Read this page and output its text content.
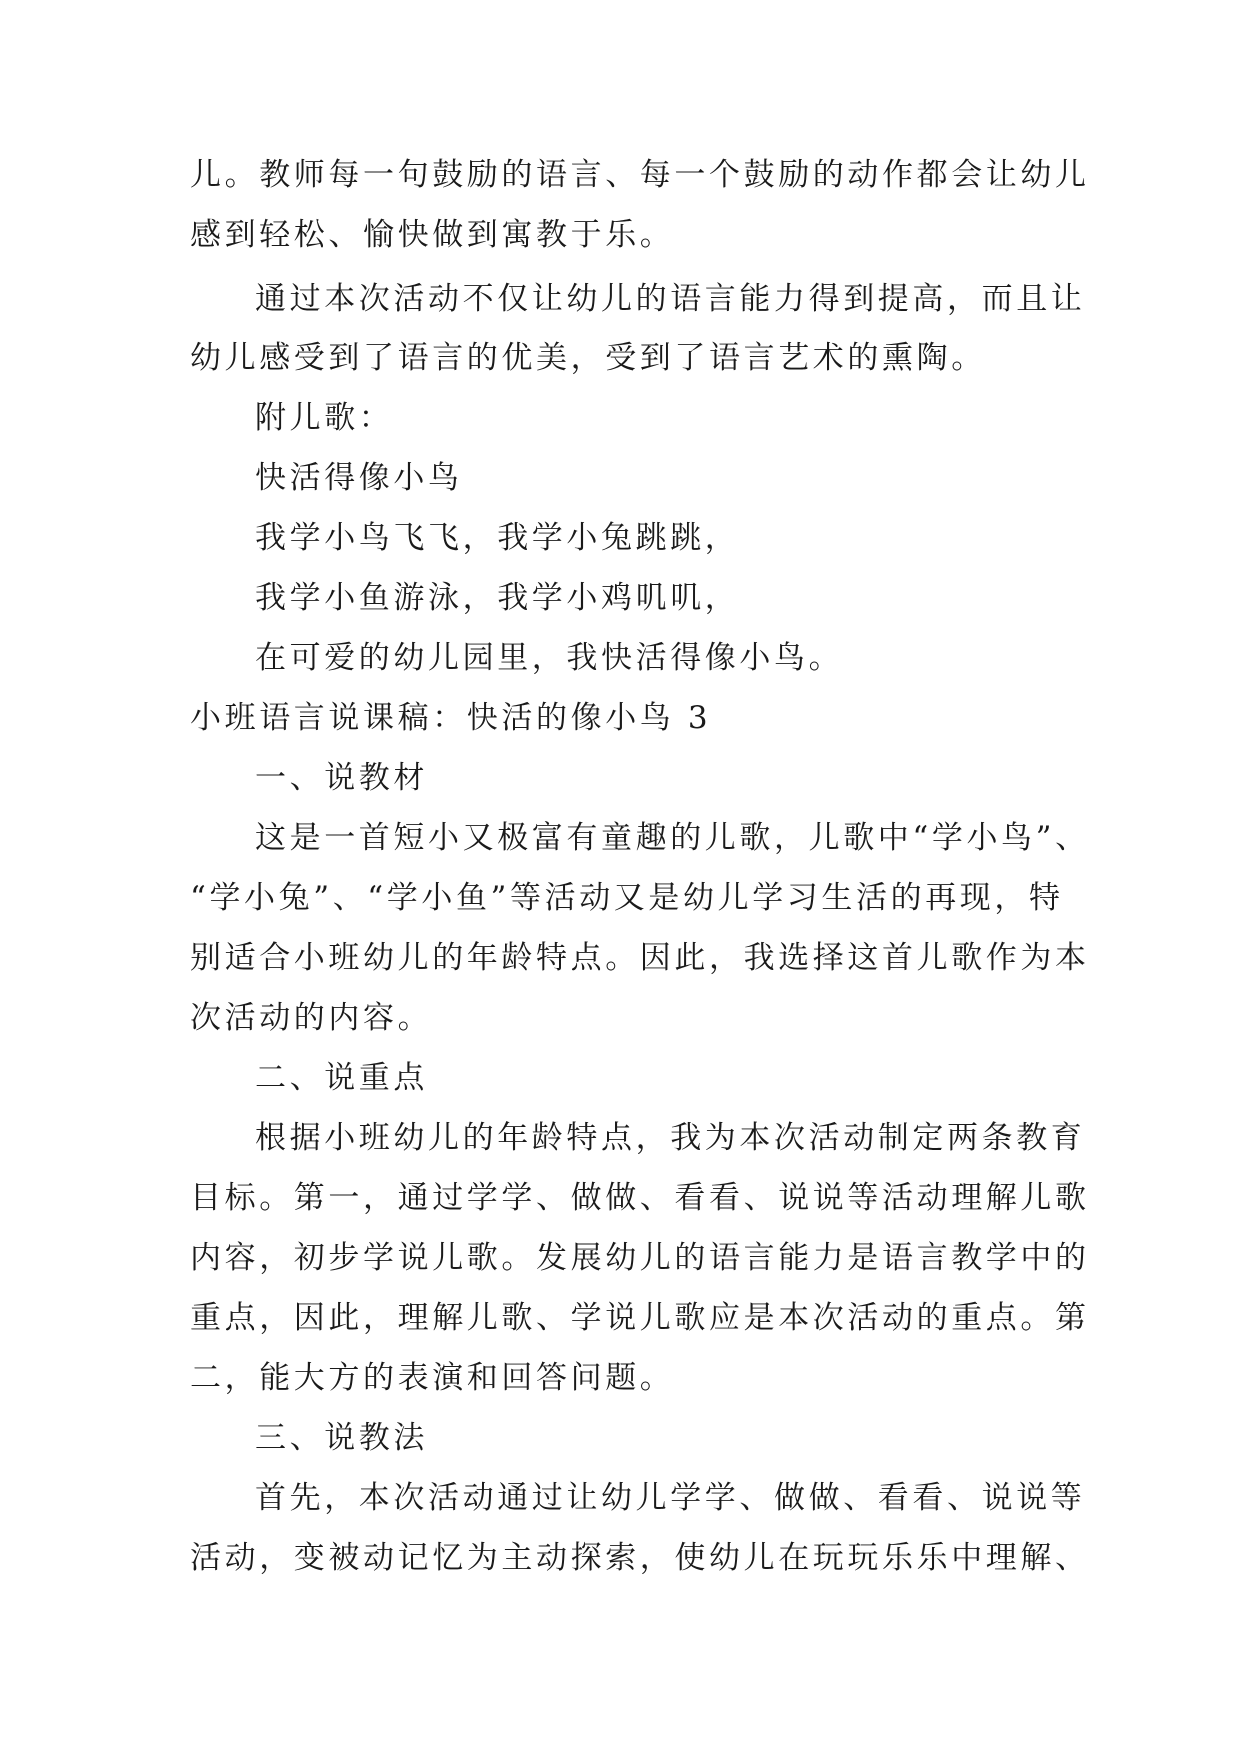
儿。教师每一句鼓励的语言、每一个鼓励的动作都会让幼儿
感到轻松、愉快做到寓教于乐。
通过本次活动不仅让幼儿的语言能力得到提高，而且让
幼儿感受到了语言的优美，受到了语言艺术的熏陶。
附儿歌：
快活得像小鸟
我学小鸟飞飞，我学小兔跳跳，
我学小鱼游泳，我学小鸡叽叽，
在可爱的幼儿园里，我快活得像小鸟。
小班语言说课稿：快活的像小鸟 3
一、说教材
这是一首短小又极富有童趣的儿歌，儿歌中“学小鸟”、
“学小兔”、“学小鱼”等活动又是幼儿学习生活的再现，特
别适合小班幼儿的年龄特点。因此，我选择这首儿歌作为本
次活动的内容。
二、说重点
根据小班幼儿的年龄特点，我为本次活动制定两条教育
目标。第一，通过学学、做做、看看、说说等活动理解儿歌
内容，初步学说儿歌。发展幼儿的语言能力是语言教学中的
重点，因此，理解儿歌、学说儿歌应是本次活动的重点。第
二，能大方的表演和回答问题。
三、说教法
首先，本次活动通过让幼儿学学、做做、看看、说说等
活动，变被动记忆为主动探索，使幼儿在玩玩乐乐中理解、
